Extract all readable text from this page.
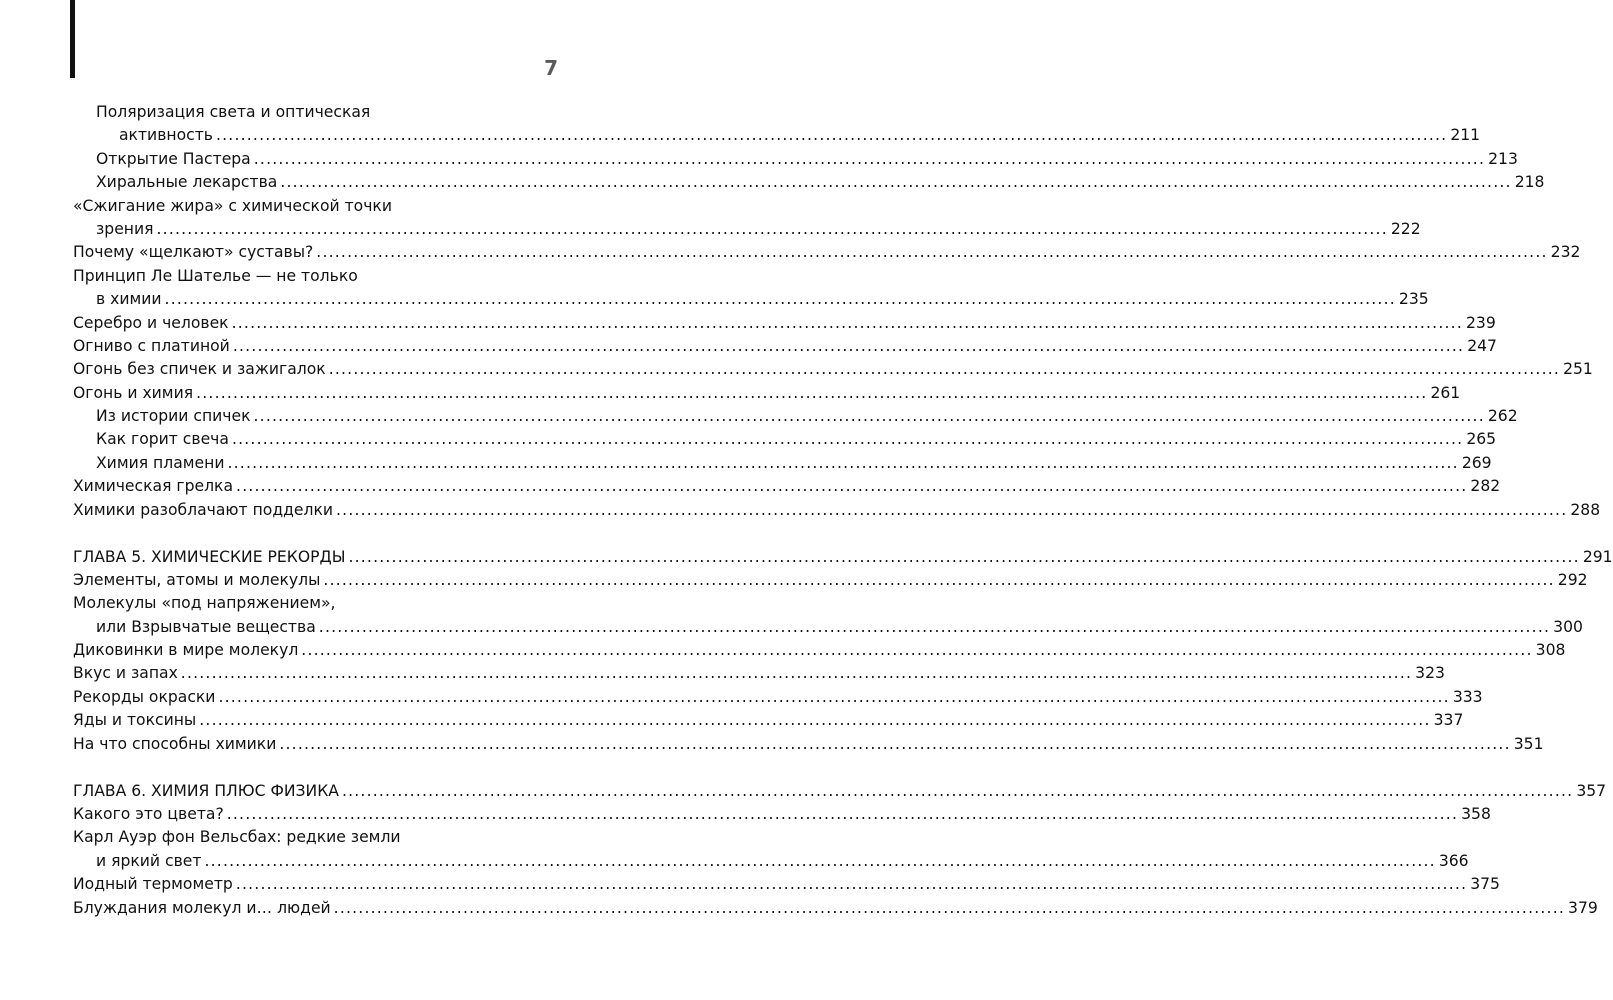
7
Поляризация света и оптическая
активность ........................................................................................................................................................................................................ 211
Открытие Пастера ........................................................................................................................................................................................................ 213
Хиральные лекарства ........................................................................................................................................................................................................ 218
«Сжигание жира» с химической точки
зрения ........................................................................................................................................................................................................ 222
Почему «щелкают» суставы? ........................................................................................................................................................................................................ 232
Принцип Ле Шателье — не только
в химии ........................................................................................................................................................................................................ 235
Серебро и человек ........................................................................................................................................................................................................ 239
Огниво с платиной ........................................................................................................................................................................................................ 247
Огонь без спичек и зажигалок ........................................................................................................................................................................................................ 251
Огонь и химия ........................................................................................................................................................................................................ 261
Из истории спичек ........................................................................................................................................................................................................ 262
Как горит свеча ........................................................................................................................................................................................................ 265
Химия пламени ........................................................................................................................................................................................................ 269
Химическая грелка ........................................................................................................................................................................................................ 282
Химики разоблачают подделки ........................................................................................................................................................................................................ 288
ГЛАВА 5. ХИМИЧЕСКИЕ РЕКОРДЫ ........................................................................................................................................................................................................ 291
Элементы, атомы и молекулы ........................................................................................................................................................................................................ 292
Молекулы «под напряжением»,
или Взрывчатые вещества ........................................................................................................................................................................................................ 300
Диковинки в мире молекул ........................................................................................................................................................................................................ 308
Вкус и запах ........................................................................................................................................................................................................ 323
Рекорды окраски ........................................................................................................................................................................................................ 333
Яды и токсины ........................................................................................................................................................................................................ 337
На что способны химики ........................................................................................................................................................................................................ 351
ГЛАВА 6. ХИМИЯ ПЛЮС ФИЗИКА ........................................................................................................................................................................................................ 357
Какого это цвета? ........................................................................................................................................................................................................ 358
Карл Ауэр фон Вельсбах: редкие земли
и яркий свет ........................................................................................................................................................................................................ 366
Иодный термометр ........................................................................................................................................................................................................ 375
Блуждания молекул и… людей ........................................................................................................................................................................................................ 379
